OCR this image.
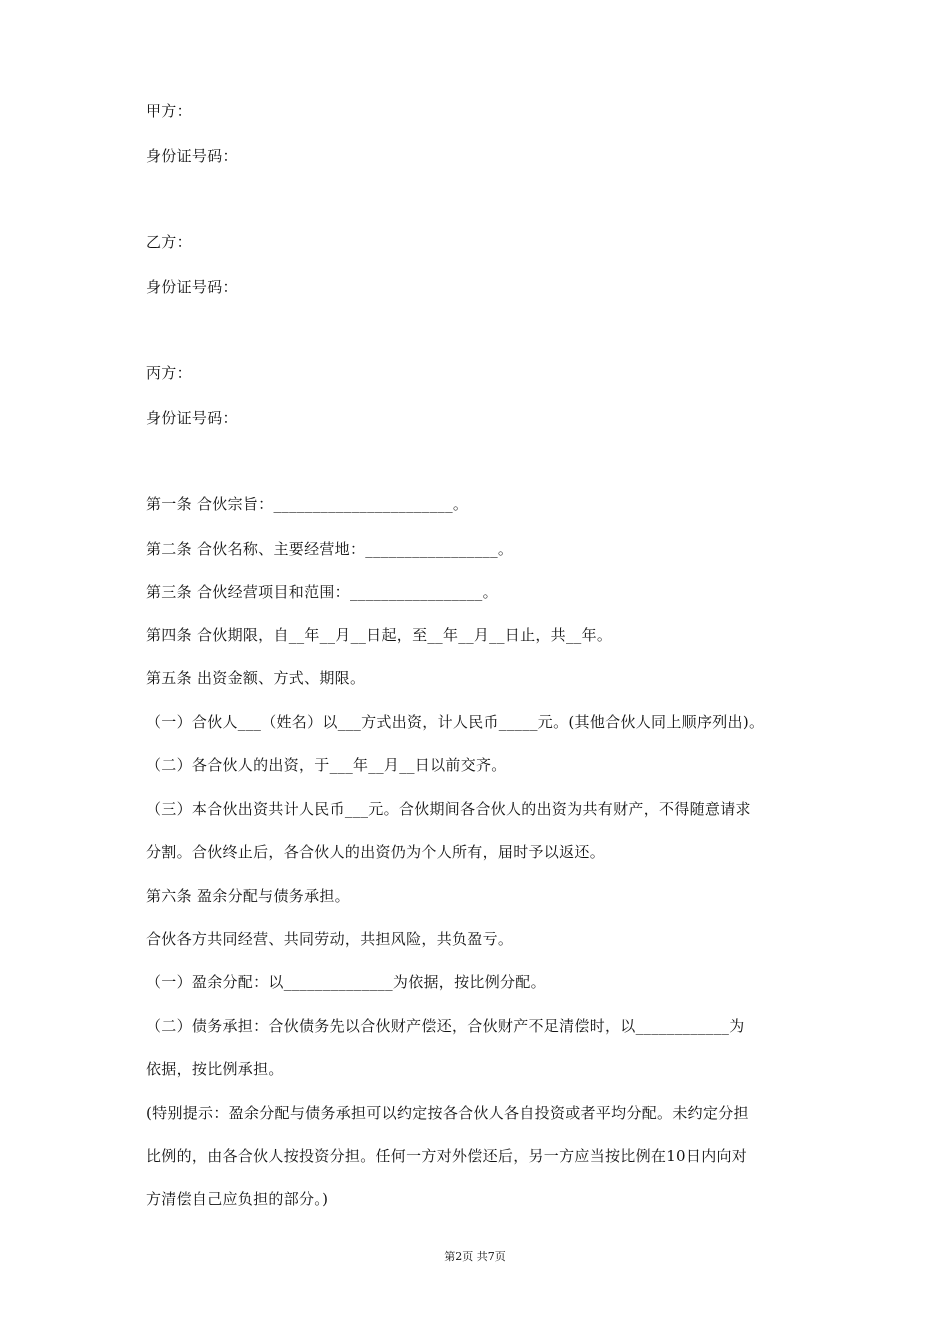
甲方：
身份证号码：
乙方：
身份证号码：
丙方：
身份证号码：
第一条 合伙宗旨：_______________________。
第二条 合伙名称、主要经营地：_________________。
第三条 合伙经营项目和范围：_________________。
第四条 合伙期限，自__年__月__日起，至__年__月__日止，共__年。
第五条 出资金额、方式、期限。
（一）合伙人___（姓名）以___方式出资，计人民币_____元。(其他合伙人同上顺序列出)。
（二）各合伙人的出资，于___年__月__日以前交齐。
（三）本合伙出资共计人民币___元。合伙期间各合伙人的出资为共有财产，不得随意请求
分割。合伙终止后，各合伙人的出资仍为个人所有，届时予以返还。
第六条 盈余分配与债务承担。
合伙各方共同经营、共同劳动，共担风险，共负盈亏。
（一）盈余分配：以______________为依据，按比例分配。
（二）债务承担：合伙债务先以合伙财产偿还，合伙财产不足清偿时，以____________为
依据，按比例承担。
(特别提示：盈余分配与债务承担可以约定按各合伙人各自投资或者平均分配。未约定分担
比例的，由各合伙人按投资分担。任何一方对外偿还后，另一方应当按比例在10日内向对
方清偿自己应负担的部分。)
第2页 共7页
